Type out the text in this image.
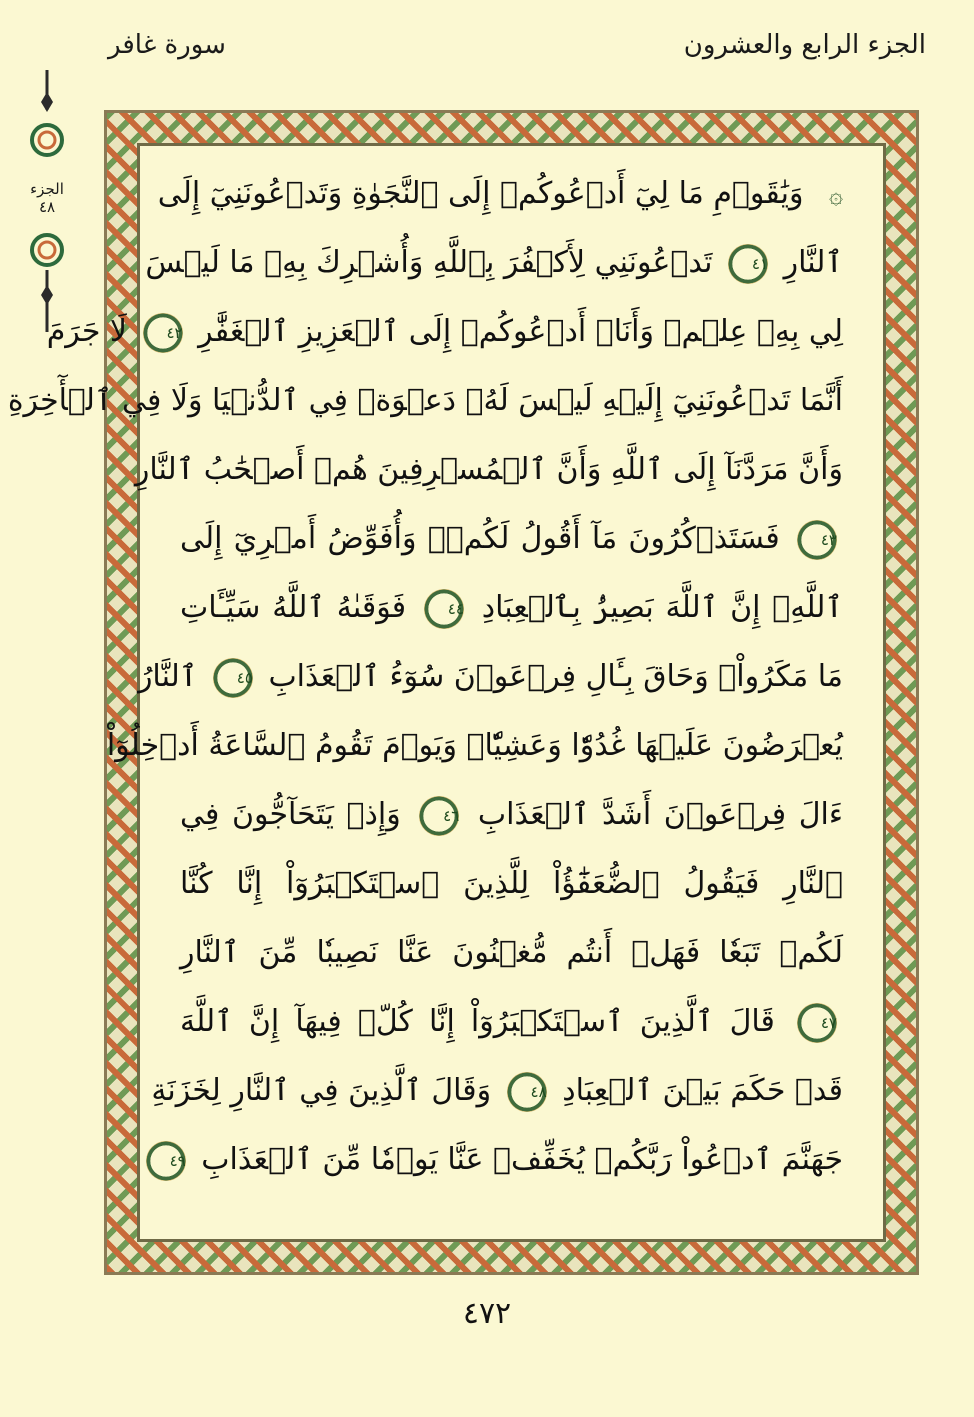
الجزء الرابع والعشرون
سورة غافر
الجزء
٤٨	۞ وَيَٰقَوۡمِ مَا لِيٓ أَدۡعُوكُمۡ إِلَى ٱلنَّجَوٰةِ وَتَدۡعُونَنِيٓ إِلَى
ٱلنَّارِ ٤١ تَدۡعُونَنِي لِأَكۡفُرَ بِٱللَّهِ وَأُشۡرِكَ بِهِۦ مَا لَيۡسَ
لِي بِهِۦ عِلۡمٞ وَأَنَا۠ أَدۡعُوكُمۡ إِلَى ٱلۡعَزِيزِ ٱلۡغَفَّٰرِ ٤٢ لَا جَرَمَ
أَنَّمَا تَدۡعُونَنِيٓ إِلَيۡهِ لَيۡسَ لَهُۥ دَعۡوَةٞ فِي ٱلدُّنۡيَا وَلَا فِي ٱلۡأٓخِرَةِ
وَأَنَّ مَرَدَّنَآ إِلَى ٱللَّهِ وَأَنَّ ٱلۡمُسۡرِفِينَ هُمۡ أَصۡحَٰبُ ٱلنَّارِ
٤٣ فَسَتَذۡكُرُونَ مَآ أَقُولُ لَكُمۡۚ وَأُفَوِّضُ أَمۡرِيٓ إِلَى
ٱللَّهِۚ إِنَّ ٱللَّهَ بَصِيرُۢ بِٱلۡعِبَادِ ٤٤ فَوَقَىٰهُ ٱللَّهُ سَيِّـَٔاتِ
مَا مَكَرُواْۖ وَحَاقَ بِـَٔالِ فِرۡعَوۡنَ سُوٓءُ ٱلۡعَذَابِ ٤٥ ٱلنَّارُ
يُعۡرَضُونَ عَلَيۡهَا غُدُوّٗا وَعَشِيّٗاۚ وَيَوۡمَ تَقُومُ ٱلسَّاعَةُ أَدۡخِلُوٓاْ
ءَالَ فِرۡعَوۡنَ أَشَدَّ ٱلۡعَذَابِ ٤٦ وَإِذۡ يَتَحَآجُّونَ فِي
ٱلنَّارِ فَيَقُولُ ٱلضُّعَفَٰٓؤُاْ لِلَّذِينَ ٱسۡتَكۡبَرُوٓاْ إِنَّا كُنَّا
لَكُمۡ تَبَعٗا فَهَلۡ أَنتُم مُّغۡنُونَ عَنَّا نَصِيبٗا مِّنَ ٱلنَّارِ
٤٧ قَالَ ٱلَّذِينَ ٱسۡتَكۡبَرُوٓاْ إِنَّا كُلّٞ فِيهَآ إِنَّ ٱللَّهَ
قَدۡ حَكَمَ بَيۡنَ ٱلۡعِبَادِ ٤٨ وَقَالَ ٱلَّذِينَ فِي ٱلنَّارِ لِخَزَنَةِ
جَهَنَّمَ ٱدۡعُواْ رَبَّكُمۡ يُخَفِّفۡ عَنَّا يَوۡمٗا مِّنَ ٱلۡعَذَابِ ٤٩
٤٧٢
